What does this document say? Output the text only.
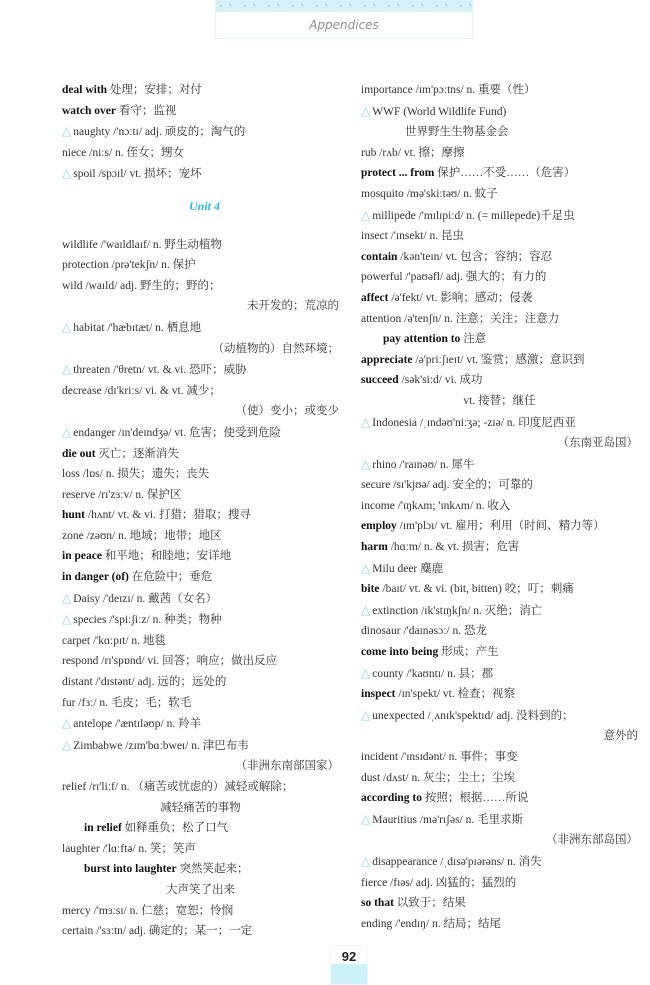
Appendices
deal with 处理；安排；对付
watch over 看守；监视
△ naughty /'nɔːtɪ/ adj. 顽皮的；淘气的
niece /niːs/ n. 侄女；甥女
△ spoil /spɔɪl/ vt. 损坏；宠坏
Unit 4
wildlife /'waɪldlaɪf/ n. 野生动植物
protection /prə'tekʃn/ n. 保护
wild /waɪld/ adj. 野生的；野的；
未开发的；荒凉的
△ habitat /'hæbɪtæt/ n. 栖息地
（动植物的）自然环境；
△ threaten /'θretn/ vt. & vi. 恐吓；威胁
decrease /dɪ'kriːs/ vi. & vt. 减少；
（使）变小；或变少
△ endanger /ɪn'deɪndʒə/ vt. 危害；使受到危险
die out 灭亡；逐渐消失
loss /lɒs/ n. 损失；遗失；丧失
reserve /rɪ'zɜːv/ n. 保护区
hunt /hʌnt/ vt. & vi. 打猎；猎取；搜寻
zone /zəʊn/ n. 地域；地带；地区
in peace 和平地；和睦地；安详地
in danger (of) 在危险中；垂危
△ Daisy /'deɪzɪ/ n. 戴茜（女名）
△ species /'spiːʃiːz/ n. 种类；物种
carpet /'kɑːpɪt/ n. 地毯
respond /rɪ'spɒnd/ vi. 回答；响应；做出反应
distant /'dɪstənt/ adj. 远的；远处的
fur /fɜː/ n. 毛皮；毛；软毛
△ antelope /'æntɪləʊp/ n. 羚羊
△ Zimbabwe /zɪm'bɑːbweɪ/ n. 津巴布韦
（非洲东南部国家）
relief /rɪ'liːf/ n. （痛苦或忧虑的）减轻或解除；
减轻痛苦的事物
in relief 如释重负；松了口气
laughter /'lɑːftə/ n. 笑；笑声
burst into laughter 突然笑起来；
大声笑了出来
mercy /'mɜːsɪ/ n. 仁慈；宽恕；怜悯
certain /'sɜːtn/ adj. 确定的；某一；一定
importance /ɪm'pɔːtns/ n. 重要（性）
△ WWF (World Wildlife Fund)
世界野生生物基金会
rub /rʌb/ vt. 擦；摩擦
protect ... from 保护……不受……（危害）
mosquito /mə'skiːtəʊ/ n. 蚊子
△ millipede /'mɪlɪpiːd/ n. (= millepede)千足虫
insect /'ɪnsekt/ n. 昆虫
contain /kən'teɪn/ vt. 包含；容纳；容忍
powerful /'paʊəfl/ adj. 强大的；有力的
affect /ə'fekt/ vt. 影响；感动；侵袭
attention /ə'tenʃn/ n. 注意；关注；注意力
pay attention to 注意
appreciate /ə'priːʃɪeɪt/ vt. 鉴赏；感激；意识到
succeed /sək'siːd/ vi. 成功
vt. 接替；继任
△ Indonesia /ˌɪndəʊ'niːʒə; -zɪə/ n. 印度尼西亚
（东南亚岛国）
△ rhino /'raɪnəʊ/ n. 犀牛
secure /sɪ'kjʊə/ adj. 安全的；可靠的
income /'ɪŋkʌm; 'ɪnkʌm/ n. 收入
employ /ɪm'plɔɪ/ vt. 雇用；利用（时间、精力等）
harm /hɑːm/ n. & vt. 损害；危害
△ Milu deer 麋鹿
bite /baɪt/ vt. & vi. (bit, bitten) 咬；叮；刺痛
△ extinction /ɪk'stɪŋkʃn/ n. 灭绝；消亡
dinosaur /'daɪnəsɔː/ n. 恐龙
come into being 形成；产生
△ county /'kaʊntɪ/ n. 县；郡
inspect /ɪn'spekt/ vt. 检查；视察
△ unexpected /ˌʌnɪk'spektɪd/ adj. 没料到的；
意外的
incident /'ɪnsɪdənt/ n. 事件；事变
dust /dʌst/ n. 灰尘；尘土；尘埃
according to 按照；根据……所说
△ Mauritius /mə'rɪʃəs/ n. 毛里求斯
（非洲东部岛国）
△ disappearance /ˌdɪsə'pɪərəns/ n. 消失
fierce /fɪəs/ adj. 凶猛的；猛烈的
so that 以致于；结果
ending /'endɪŋ/ n. 结局；结尾
92
